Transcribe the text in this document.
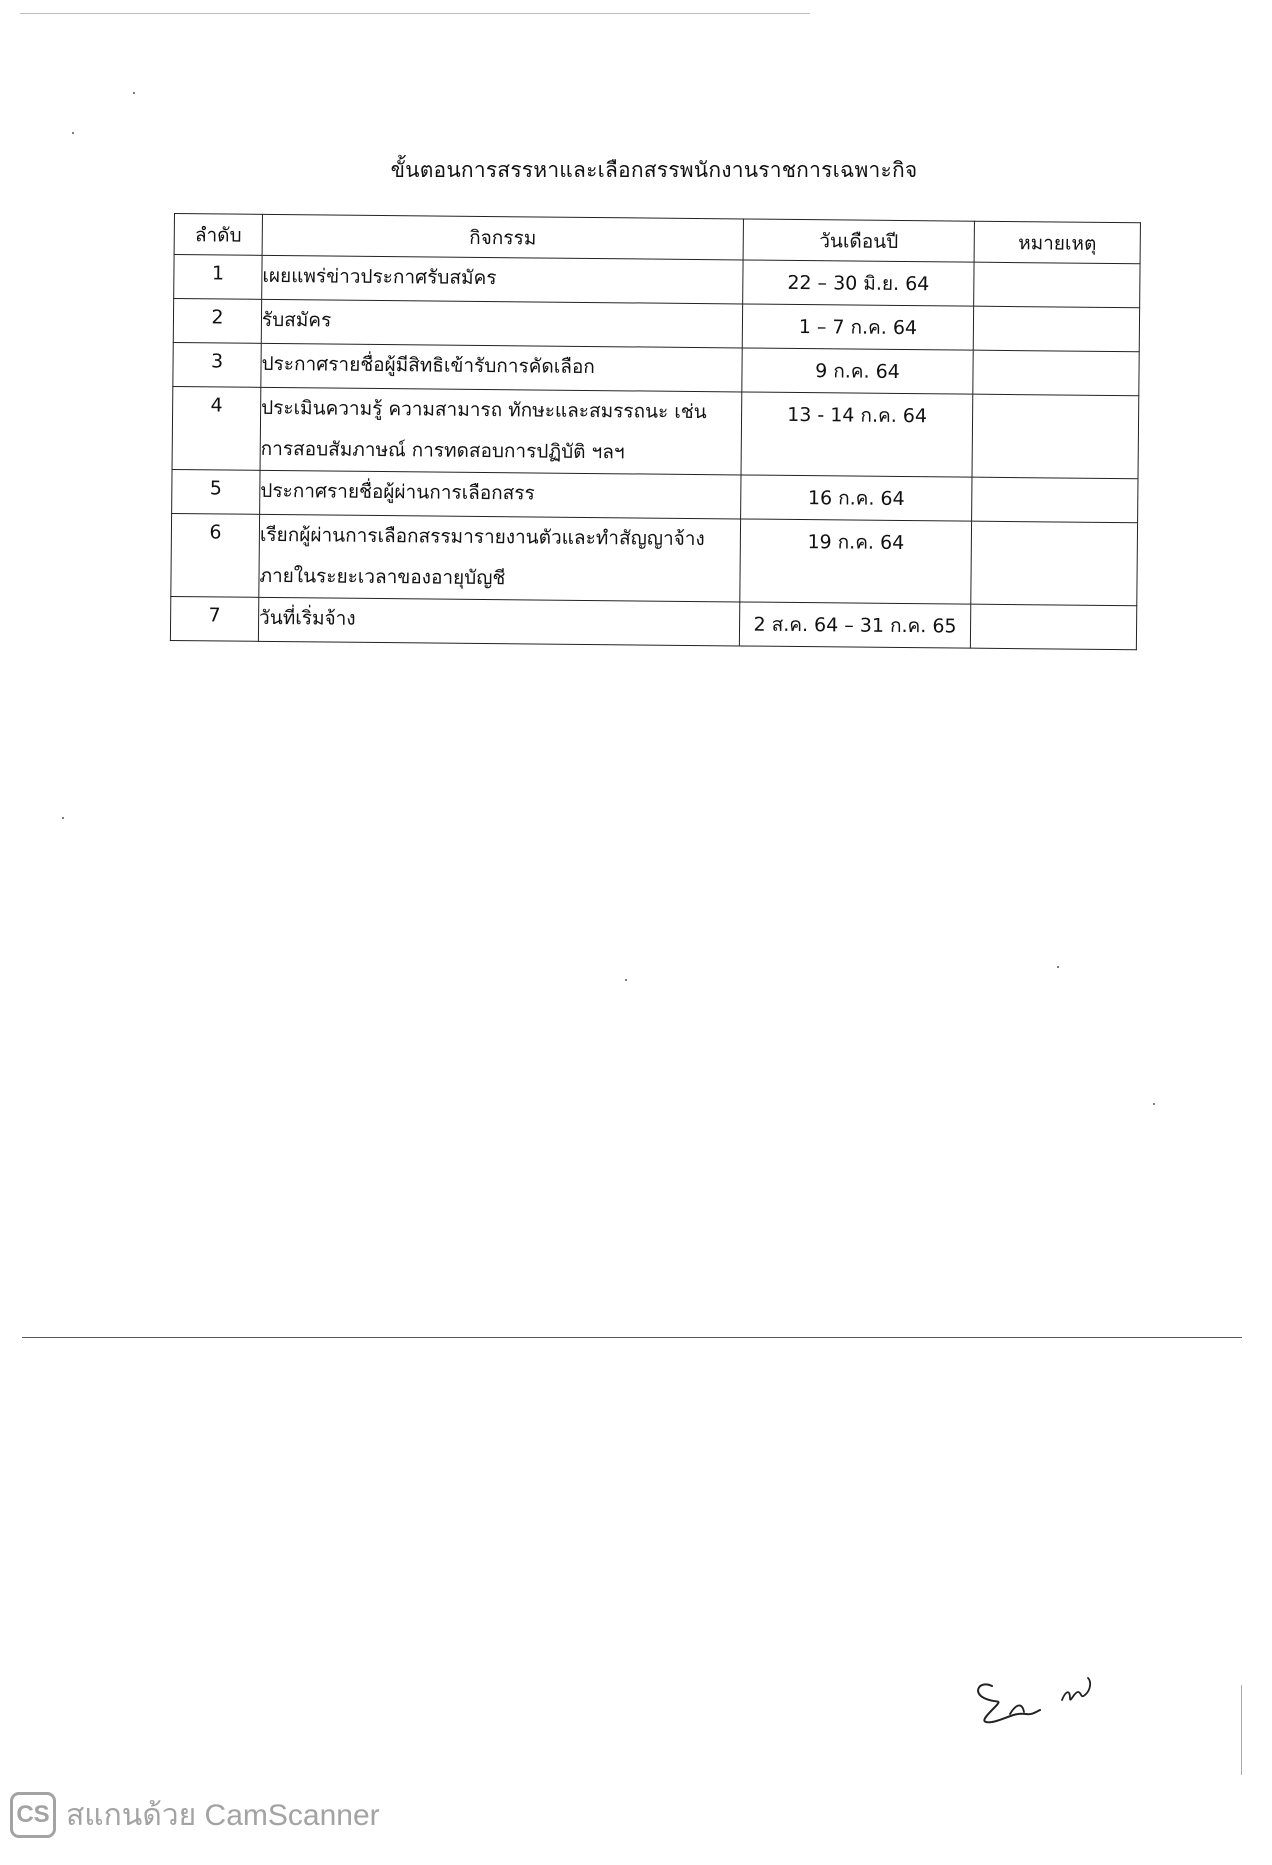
ขั้นตอนการสรรหาและเลือกสรรพนักงานราชการเฉพาะกิจ
ลำดับ	กิจกรรม	วันเดือนปี	หมายเหตุ
1	เผยแพร่ข่าวประกาศรับสมัคร	22 – 30 มิ.ย. 64	
2	รับสมัคร	1 – 7 ก.ค. 64	
3	ประกาศรายชื่อผู้มีสิทธิเข้ารับการคัดเลือก	9 ก.ค. 64	
4	ประเมินความรู้ ความสามารถ ทักษะและสมรรถนะ เช่น การสอบสัมภาษณ์ การทดสอบการปฏิบัติ ฯลฯ	13 - 14 ก.ค. 64	
5	ประกาศรายชื่อผู้ผ่านการเลือกสรร	16 ก.ค. 64	
6	เรียกผู้ผ่านการเลือกสรรมารายงานตัวและทำสัญญาจ้างภายในระยะเวลาของอายุบัญชี	19 ก.ค. 64	
7	วันที่เริ่มจ้าง	2 ส.ค. 64 – 31 ก.ค. 65	
CS สแกนด้วย CamScanner
